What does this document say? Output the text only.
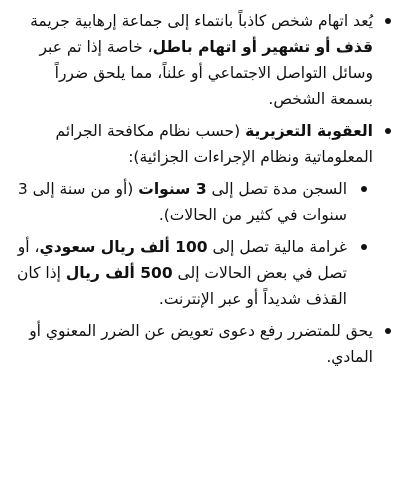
يُعد اتهام شخص كاذباً بانتماء إلى جماعة إرهابية جريمة قذف أو تشهير أو اتهام باطل، خاصة إذا تم عبر وسائل التواصل الاجتماعي أو علناً، مما يلحق ضرراً بسمعة الشخص.
العقوبة التعزيرية (حسب نظام مكافحة الجرائم المعلوماتية ونظام الإجراءات الجزائية):
السجن مدة تصل إلى 3 سنوات (أو من سنة إلى 3 سنوات في كثير من الحالات).
غرامة مالية تصل إلى 100 ألف ريال سعودي، أو تصل في بعض الحالات إلى 500 ألف ريال إذا كان القذف شديداً أو عبر الإنترنت.
يحق للمتضرر رفع دعوى تعويض عن الضرر المعنوي أو المادي.
